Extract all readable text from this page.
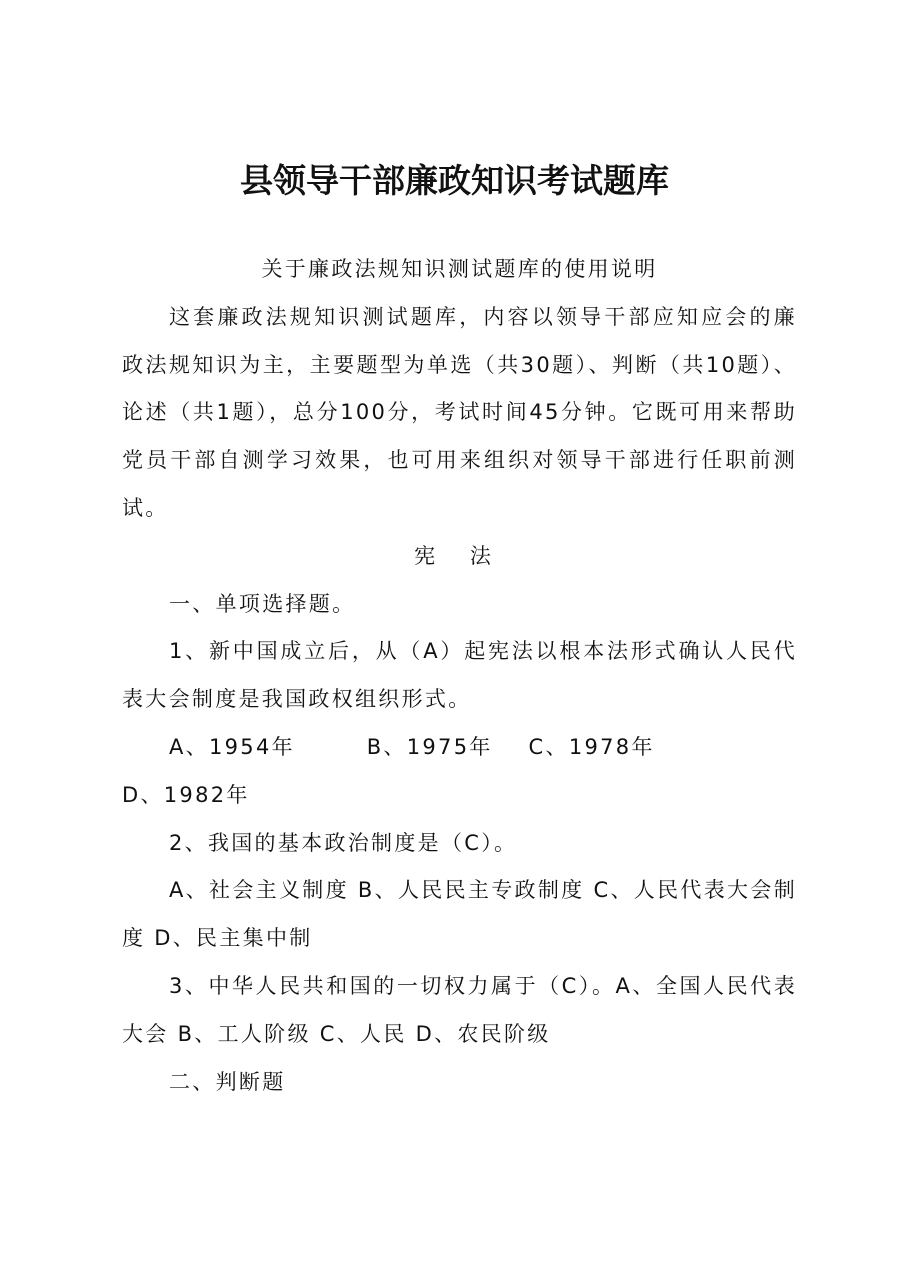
县领导干部廉政知识考试题库

关于廉政法规知识测试题库的使用说明

这套廉政法规知识测试题库，内容以领导干部应知应会的廉政法规知识为主，主要题型为单选（共30题）、判断（共10题）、论述（共1题），总分100分，考试时间45分钟。它既可用来帮助党员干部自测学习效果，也可用来组织对领导干部进行任职前测试。

宪 法

一、单项选择题。

1、新中国成立后，从（A）起宪法以根本法形式确认人民代表大会制度是我国政权组织形式。

A、1954年        B、1975年    C、1978年

D、1982年

2、我国的基本政治制度是（C）。

A、社会主义制度 B、人民民主专政制度 C、人民代表大会制度 D、民主集中制

3、中华人民共和国的一切权力属于（C）。A、全国人民代表大会 B、工人阶级 C、人民 D、农民阶级

二、判断题
